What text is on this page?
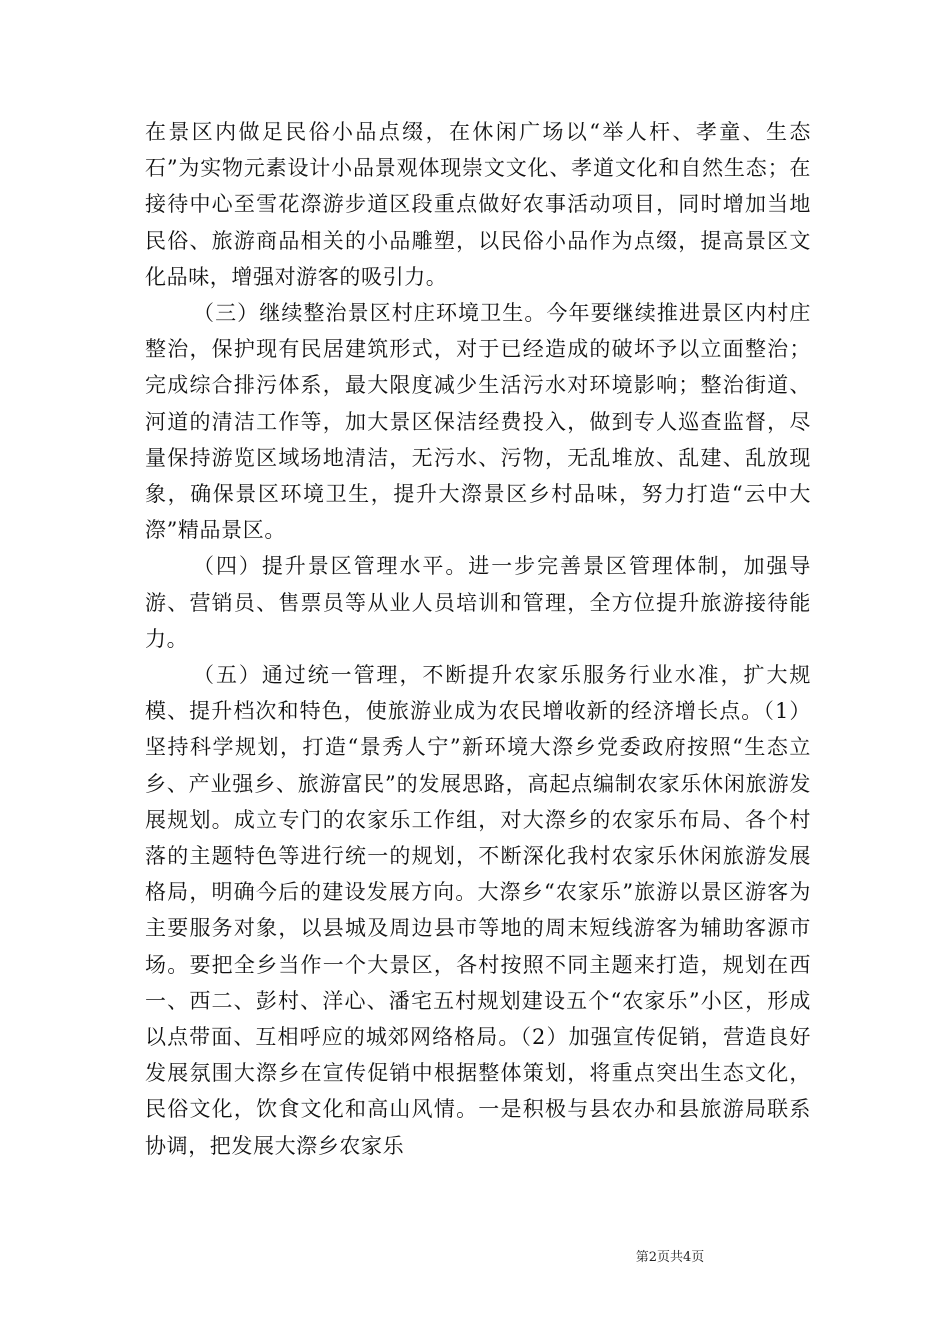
在景区内做足民俗小品点缀，在休闲广场以“举人杆、孝童、生态石”为实物元素设计小品景观体现崇文文化、孝道文化和自然生态；在接待中心至雪花漈游步道区段重点做好农事活动项目，同时增加当地民俗、旅游商品相关的小品雕塑，以民俗小品作为点缀，提高景区文化品味，增强对游客的吸引力。

（三）继续整治景区村庄环境卫生。今年要继续推进景区内村庄整治，保护现有民居建筑形式，对于已经造成的破坏予以立面整治；完成综合排污体系，最大限度减少生活污水对环境影响；整治街道、河道的清洁工作等，加大景区保洁经费投入，做到专人巡查监督，尽量保持游览区域场地清洁，无污水、污物，无乱堆放、乱建、乱放现象，确保景区环境卫生，提升大漈景区乡村品味，努力打造“云中大漈”精品景区。

（四）提升景区管理水平。进一步完善景区管理体制，加强导游、营销员、售票员等从业人员培训和管理，全方位提升旅游接待能力。

（五）通过统一管理，不断提升农家乐服务行业水准，扩大规模、提升档次和特色，使旅游业成为农民增收新的经济增长点。（1）坚持科学规划，打造“景秀人宁”新环境大漈乡党委政府按照“生态立乡、产业强乡、旅游富民”的发展思路，高起点编制农家乐休闲旅游发展规划。成立专门的农家乐工作组，对大漈乡的农家乐布局、各个村落的主题特色等进行统一的规划，不断深化我村农家乐休闲旅游发展格局，明确今后的建设发展方向。大漈乡“农家乐”旅游以景区游客为主要服务对象，以县城及周边县市等地的周末短线游客为辅助客源市场。要把全乡当作一个大景区，各村按照不同主题来打造，规划在西一、西二、彭村、洋心、潘宅五村规划建设五个“农家乐”小区，形成以点带面、互相呼应的城郊网络格局。（2）加强宣传促销，营造良好发展氛围大漈乡在宣传促销中根据整体策划，将重点突出生态文化，民俗文化，饮食文化和高山风情。一是积极与县农办和县旅游局联系协调，把发展大漈乡农家乐

第2页共4页
